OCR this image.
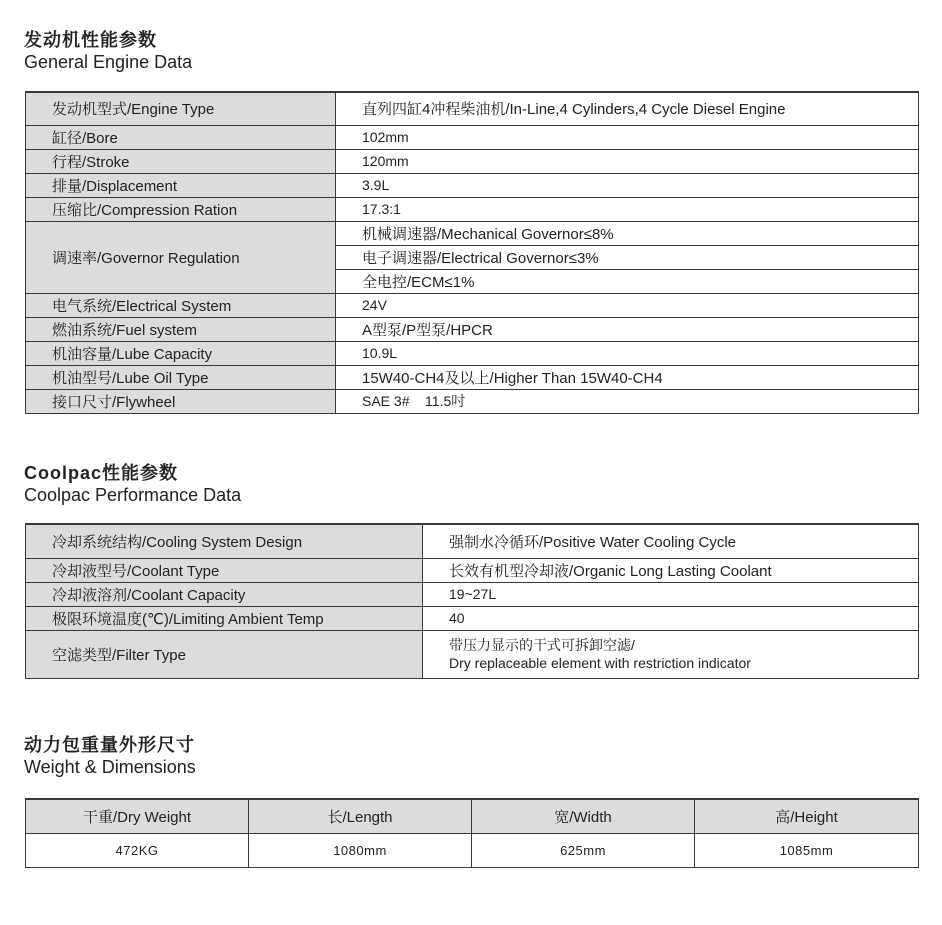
发动机性能参数
General Engine Data
发动机型式/Engine Type	直列四缸4冲程柴油机/In-Line,4 Cylinders,4 Cycle Diesel Engine
缸径/Bore	102mm
行程/Stroke	120mm
排量/Displacement	3.9L
压缩比/Compression Ration	17.3:1
调速率/Governor Regulation	机械调速器/Mechanical Governor≤8%
	电子调速器/Electrical Governor≤3%
	全电控/ECM≤1%
电气系统/Electrical System	24V
燃油系统/Fuel system	A型泵/P型泵/HPCR
机油容量/Lube Capacity	10.9L
机油型号/Lube Oil Type	15W40-CH4及以上/Higher Than 15W40-CH4
接口尺寸/Flywheel	SAE 3#    11.5吋
Coolpac性能参数
Coolpac Performance Data
冷却系统结构/Cooling System Design	强制水冷循环/Positive Water Cooling Cycle
冷却液型号/Coolant Type	长效有机型冷却液/Organic Long Lasting Coolant
冷却液溶剂/Coolant Capacity	19~27L
极限环境温度(℃)/Limiting Ambient Temp	40
空滤类型/Filter Type	带压力显示的干式可拆卸空滤/
Dry replaceable element with restriction indicator
动力包重量外形尺寸
Weight & Dimensions
干重/Dry Weight	长/Length	宽/Width	高/Height
472KG	1080mm	625mm	1085mm
